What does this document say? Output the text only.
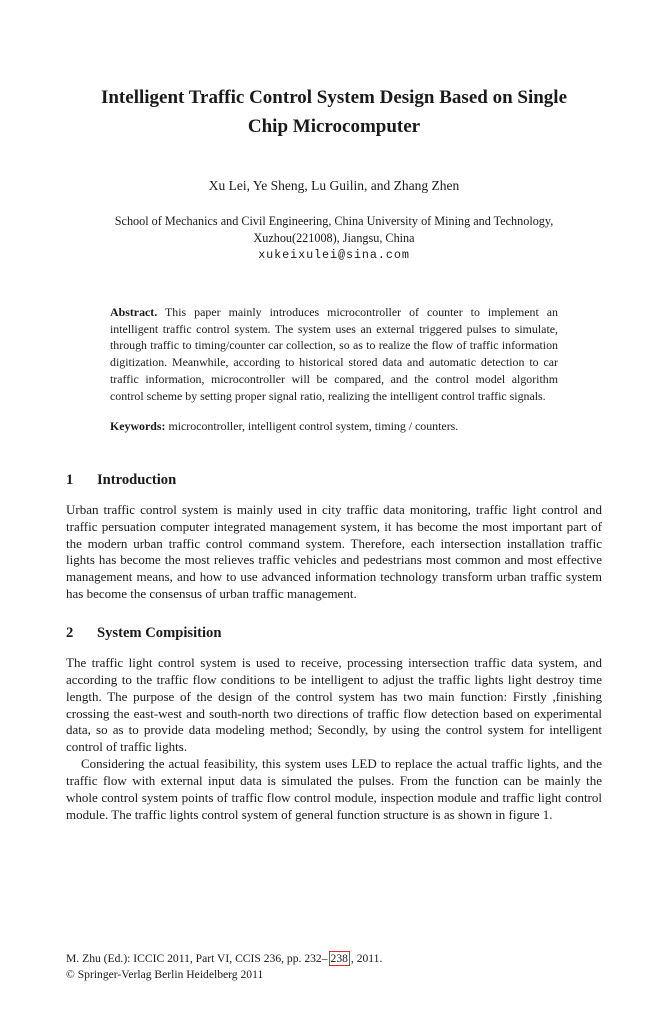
Intelligent Traffic Control System Design Based on Single
Chip Microcomputer
Xu Lei, Ye Sheng, Lu Guilin, and Zhang Zhen
School of Mechanics and Civil Engineering, China University of Mining and Technology,
Xuzhou(221008), Jiangsu, China
xukeixulei@sina.com

Abstract. This paper mainly introduces microcontroller of counter to implement an intelligent traffic control system. The system uses an external triggered pulses to simulate, through traffic to timing/counter car collection, so as to realize the flow of traffic information digitization. Meanwhile, according to historical stored data and automatic detection to car traffic information, microcontroller will be compared, and the control model algorithm control scheme by setting proper signal ratio, realizing the intelligent control traffic signals.

Keywords: microcontroller, intelligent control system, timing / counters.

1 Introduction

Urban traffic control system is mainly used in city traffic data monitoring, traffic light control and traffic persuation computer integrated management system, it has become the most important part of the modern urban traffic control command system. Therefore, each intersection installation traffic lights has become the most relieves traffic vehicles and pedestrians most common and most effective management means, and how to use advanced information technology transform urban traffic system has become the consensus of urban traffic management.

2 System Compisition

The traffic light control system is used to receive, processing intersection traffic data system, and according to the traffic flow conditions to be intelligent to adjust the traffic lights light destroy time length. The purpose of the design of the control system has two main function: Firstly ,finishing crossing the east-west and south-north two directions of traffic flow detection based on experimental data, so as to provide data modeling method; Secondly, by using the control system for intelligent control of traffic lights.

Considering the actual feasibility, this system uses LED to replace the actual traffic lights, and the traffic flow with external input data is simulated the pulses. From the function can be mainly the whole control system points of traffic flow control module, inspection module and traffic light control module. The traffic lights control system of general function structure is as shown in figure 1.

M. Zhu (Ed.): ICCIC 2011, Part VI, CCIS 236, pp. 232– 238 , 2011.
© Springer-Verlag Berlin Heidelberg 2011
